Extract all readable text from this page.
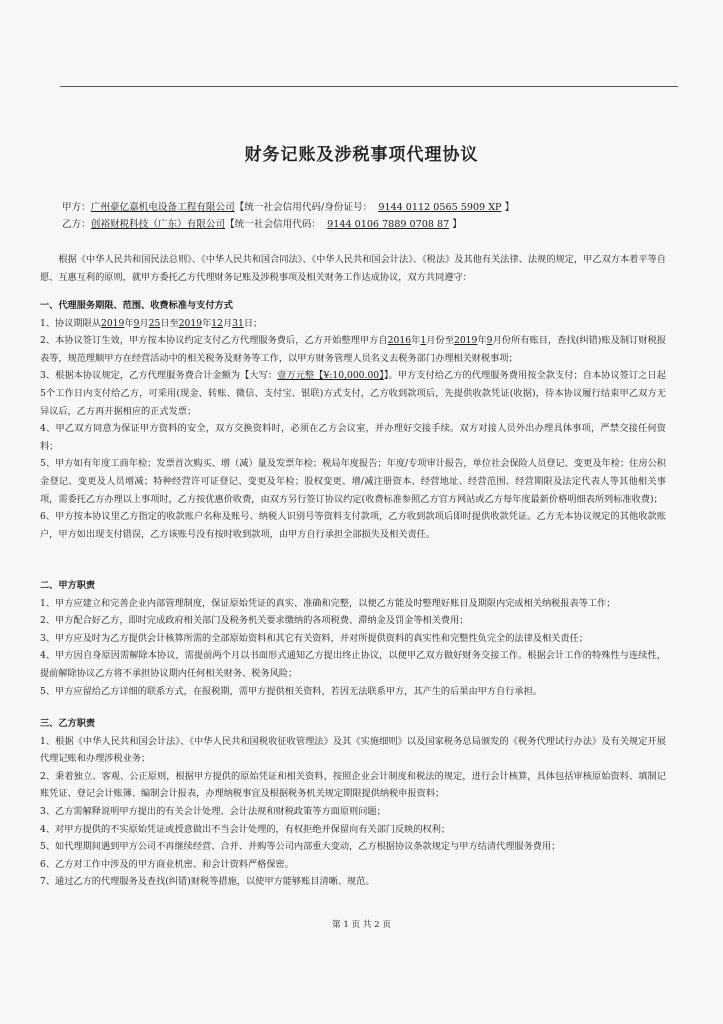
财务记账及涉税事项代理协议
甲方：广州豪亿嘉机电设备工程有限公司【统一社会信用代码/身份证号： 9144 0112 0565 5909 XP 】
乙方：创裕财税科技（广东）有限公司【统一社会信用代码： 9144 0106 7889 0708 87 】

根据《中华人民共和国民法总则》、《中华人民共和国合同法》、《中华人民共和国会计法》、《税法》及其他有关法律、法规的规定，甲乙双方本着平等自愿、互惠互利的原则，就甲方委托乙方代理财务记账及涉税事项及相关财务工作达成协议，双方共同遵守：

一、代理服务期限、范围、收费标准与支付方式

1、协议期限从2019年9月25日至2019年12月31日；

2、本协议签订生效，甲方按本协议约定支付乙方代理服务费后，乙方开始整理甲方自2016年1月份至2019年9月份所有账目，查找(纠错)账及制订财税报表等，规范理顺甲方在经营活动中的相关税务及财务等工作，以甲方财务管理人员名义去税务部门办理相关财税事项；

3、根据本协议规定，乙方代理服务费合计金额为【大写：壹万元整【¥:10,000.00】】。甲方支付给乙方的代理服务费用按全款支付；自本协议签订之日起5个工作日内支付给乙方，可采用(现金、转账、微信、支付宝、银联)方式支付，乙方收到款项后，先提供收款凭证(收据)，待本协议履行结束甲乙双方无异议后，乙方再开据相应的正式发票；

4、甲乙双方同意为保证甲方资料的安全，双方交换资料时，必须在乙方会议室，并办理好交接手续。双方对接人员外出办理具体事项，严禁交接任何资料；

5、甲方如有年度工商年检；发票首次购买、增（减）量及发票年检；税局年度报告；年度/专项审计报告，单位社会保险人员登记、变更及年检；住房公积金登记、变更及人员增减；特种经营许可证登记、变更及年检；股权变更、增/减注册资本、经营地址、经营范围、经营期限及法定代表人等其他相关事项，需委托乙方办理以上事项时，乙方按优惠价收费，由双方另行签订协议约定(收费标准参照乙方官方网站或乙方每年度最新价格明细表所列标准收费)；

6、甲方按本协议里乙方指定的收款账户名称及账号、纳税人识别号等资料支付款项，乙方收到款项后即时提供收款凭证。乙方无本协议规定的其他收款账户，甲方如出现支付错误，乙方该账号没有按时收到款项，由甲方自行承担全部损失及相关责任。

二、甲方职责

1、甲方应建立和完善企业内部管理制度，保证原始凭证的真实、准确和完整，以便乙方能及时整理好账目及期限内完成相关纳税报表等工作；

2、甲方配合好乙方，即时完成政府相关部门及税务机关要求缴纳的各项税费、滞纳金及罚金等相关费用；

3、甲方应及时为乙方提供会计核算所需的全部原始资料和其它有关资料，并对所提供资料的真实性和完整性负完全的法律及相关责任；

4、甲方因自身原因需解除本协议，需提前两个月以书面形式通知乙方提出终止协议，以便甲乙双方做好财务交接工作。根据会计工作的特殊性与连续性，提前解除协议乙方将不承担协议期内任何相关财务、税务风险；

5、甲方应留给乙方详细的联系方式，在报税期，需甲方提供相关资料，若因无法联系甲方，其产生的后果由甲方自行承担。

三、乙方职责

1、根据《中华人民共和国会计法》、《中华人民共和国税收征收管理法》及其《实施细则》以及国家税务总局颁发的《税务代理试行办法》及有关规定开展代理记账和办理涉税业务；

2、秉着独立、客观、公正原则，根据甲方提供的原始凭证和相关资料，按照企业会计制度和税法的规定，进行会计核算，具体包括审核原始资料、填制记账凭证、登记会计账簿、编制会计报表，办理纳税事宜及根据税务机关规定期限提供纳税申报资料；

3、乙方需解释说明甲方提出的有关会计处理、会计法规和财税政策等方面原则问题；

4、对甲方提供的不实原始凭证或授意做出不当会计处理的，有权拒绝并保留向有关部门反映的权利；

5、如代理期间遇到甲方公司不再继续经营、合并、并购等公司内部重大变动，乙方根据协议条款规定与甲方结清代理服务费用；

6、乙方对工作中涉及的甲方商业机密、和会计资料严格保密。

7、通过乙方的代理服务及查找(纠错)财税等措施，以使甲方能够账目清晰、规范。

第 1 页 共 2 页
